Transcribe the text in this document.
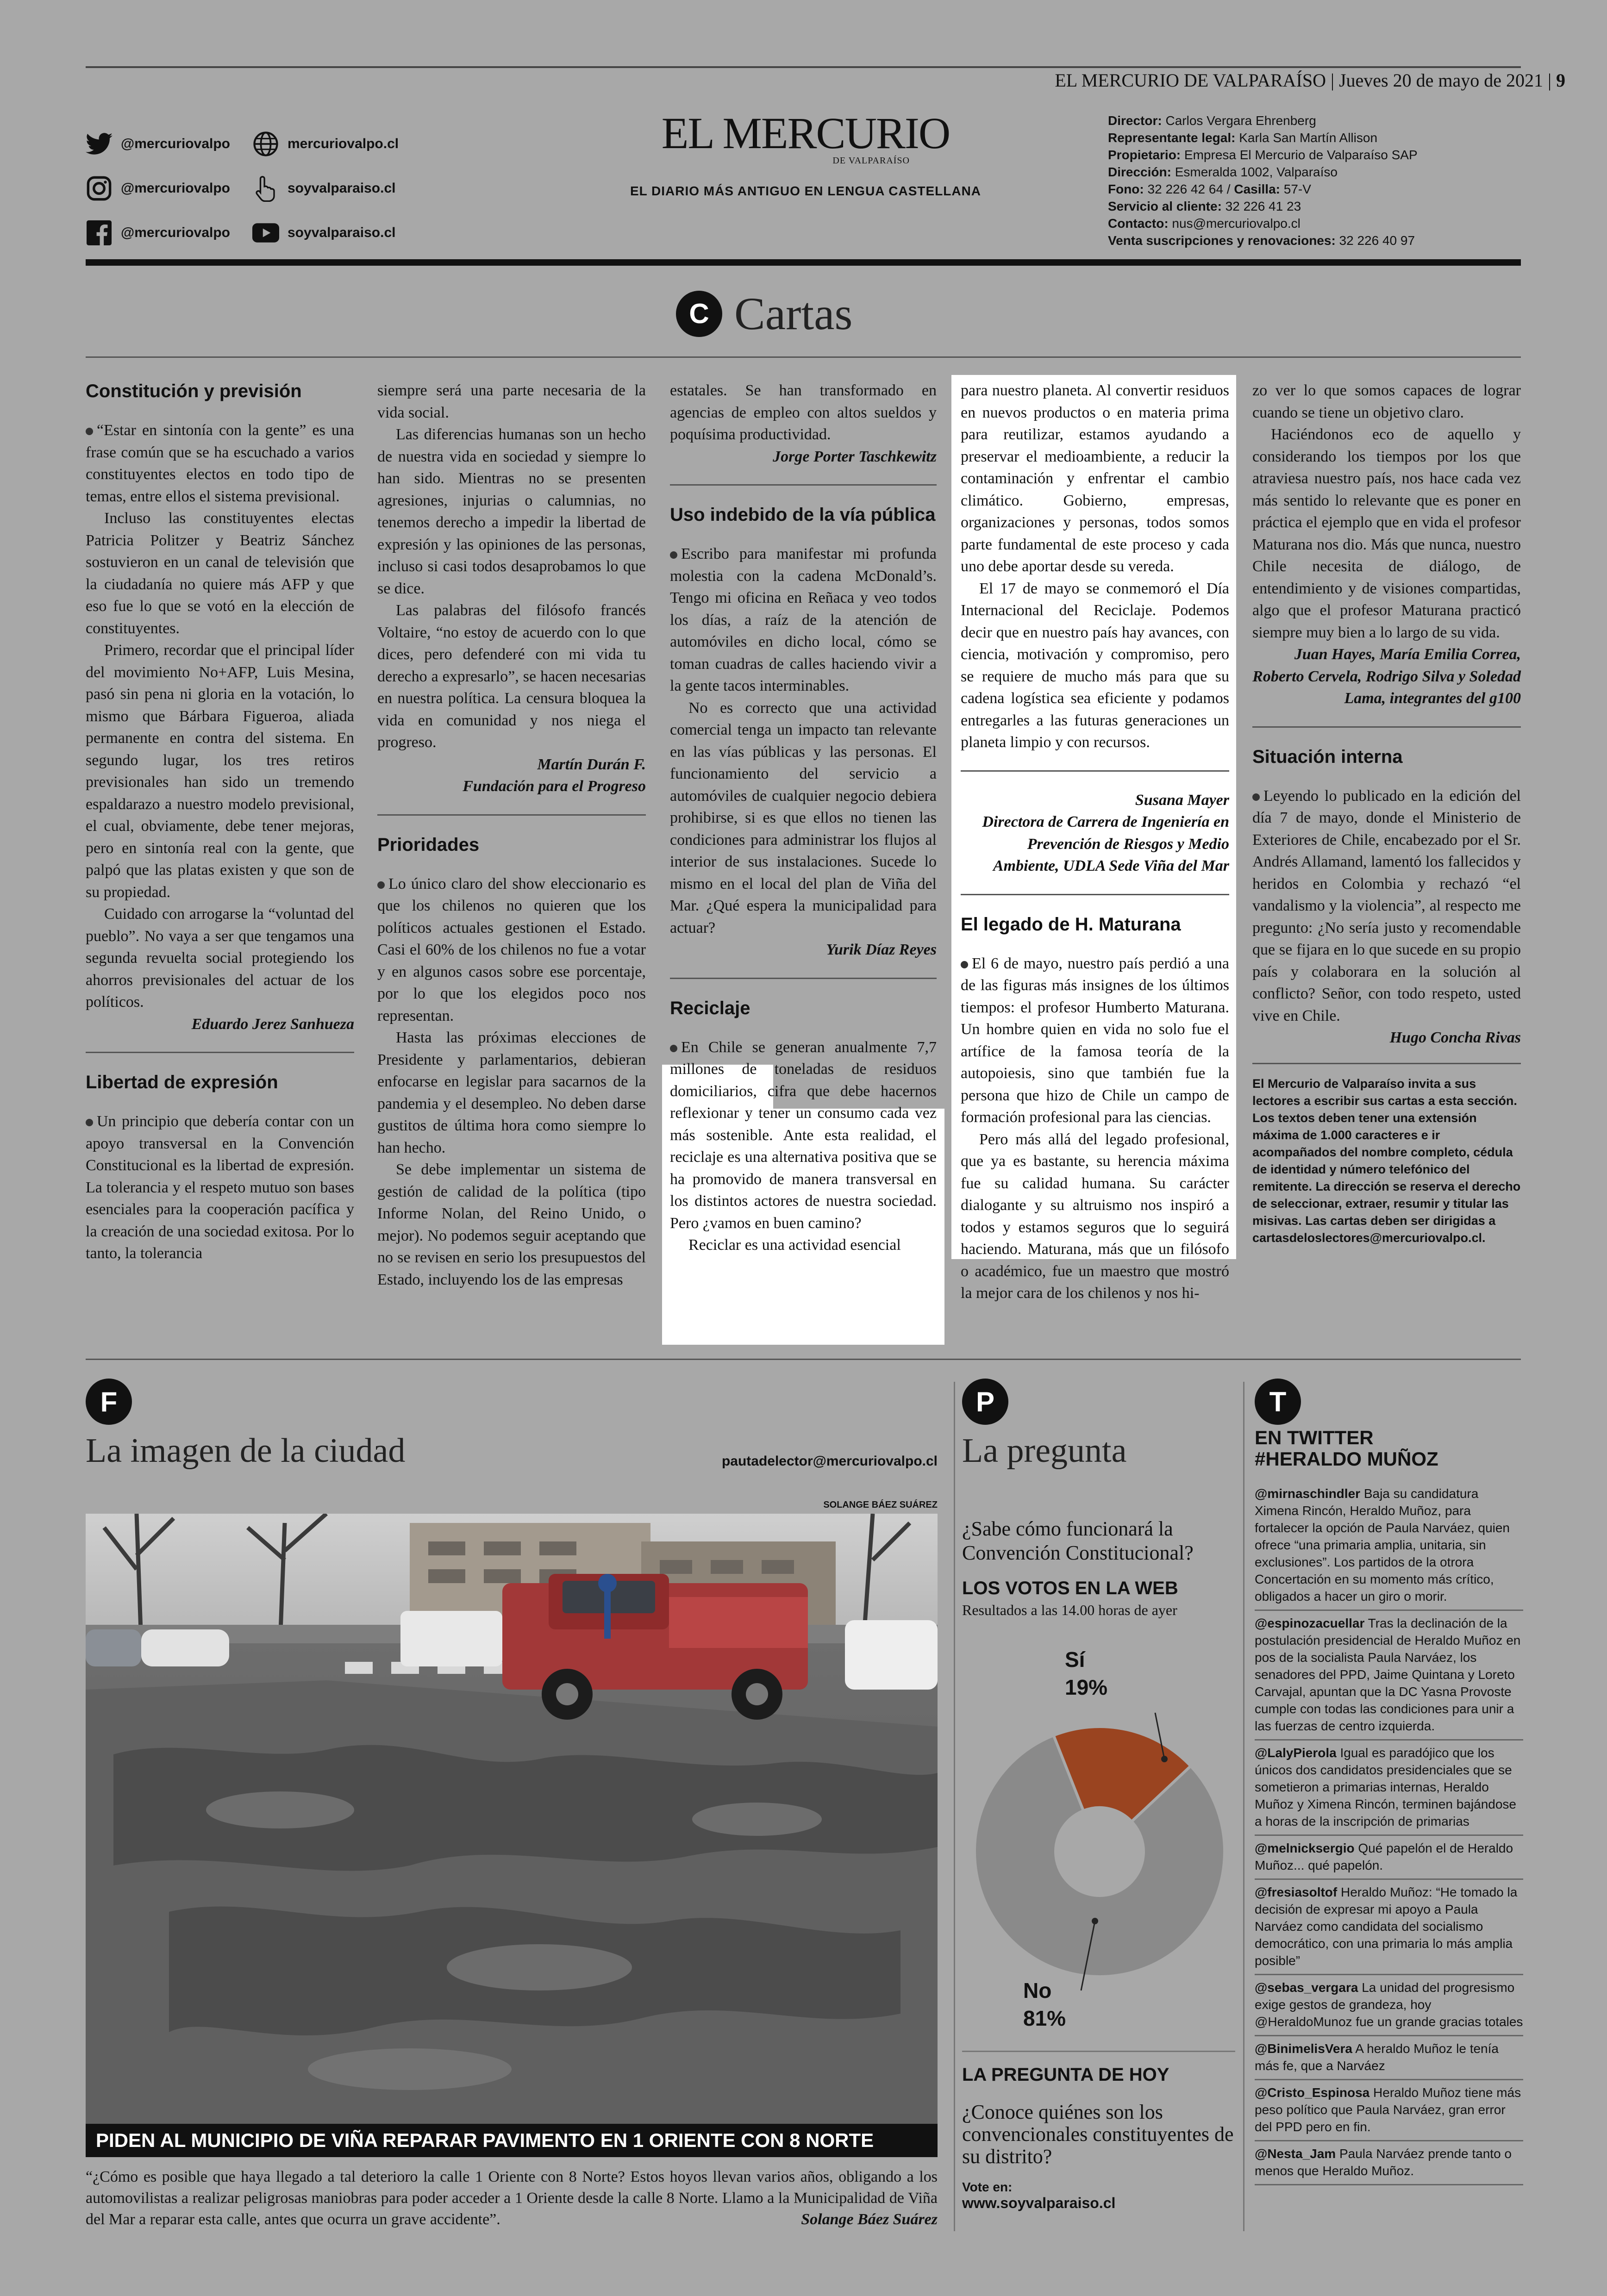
EL MERCURIO DE VALPARAÍSO | Jueves 20 de mayo de 2021 | 9
@mercuriovalpo	mercuriovalpo.cl
@mercuriovalpo	soyvalparaiso.cl
@mercuriovalpo	soyvalparaiso.cl
EL MERCURIO
DE VALPARAÍSO
EL DIARIO MÁS ANTIGUO EN LENGUA CASTELLANA
Director: Carlos Vergara Ehrenberg
Representante legal: Karla San Martín Allison
Propietario: Empresa El Mercurio de Valparaíso SAP
Dirección: Esmeralda 1002, Valparaíso
Fono: 32 226 42 64 / Casilla: 57-V
Servicio al cliente: 32 226 41 23
Contacto: nus@mercuriovalpo.cl
Venta suscripciones y renovaciones: 32 226 40 97
C Cartas
Constitución y previsión

“Estar en sintonía con la gente” es una frase común que se ha escuchado a varios constituyentes electos en todo tipo de temas, entre ellos el sistema previsional.

Incluso las constituyentes electas Patricia Politzer y Beatriz Sánchez sostuvieron en un canal de televisión que la ciudadanía no quiere más AFP y que eso fue lo que se votó en la elección de constituyentes.

Primero, recordar que el principal líder del movimiento No+AFP, Luis Mesina, pasó sin pena ni gloria en la votación, lo mismo que Bárbara Figueroa, aliada permanente en contra del sistema. En segundo lugar, los tres retiros previsionales han sido un tremendo espaldarazo a nuestro modelo previsional, el cual, obviamente, debe tener mejoras, pero en sintonía real con la gente, que palpó que las platas existen y que son de su propiedad.

Cuidado con arrogarse la “voluntad del pueblo”. No vaya a ser que tengamos una segunda revuelta social protegiendo los ahorros previsionales del actuar de los políticos.

Eduardo Jerez Sanhueza

Libertad de expresión

Un principio que debería contar con un apoyo transversal en la Convención Constitucional es la libertad de expresión. La tolerancia y el respeto mutuo son bases esenciales para la cooperación pacífica y la creación de una sociedad exitosa. Por lo tanto, la tolerancia

siempre será una parte necesaria de la vida social.

Las diferencias humanas son un hecho de nuestra vida en sociedad y siempre lo han sido. Mientras no se presenten agresiones, injurias o calumnias, no tenemos derecho a impedir la libertad de expresión y las opiniones de las personas, incluso si casi todos desaprobamos lo que se dice.

Las palabras del filósofo francés Voltaire, “no estoy de acuerdo con lo que dices, pero defenderé con mi vida tu derecho a expresarlo”, se hacen necesarias en nuestra política. La censura bloquea la vida en comunidad y nos niega el progreso.

Martín Durán F.

Fundación para el Progreso

Prioridades

Lo único claro del show eleccionario es que los chilenos no quieren que los políticos actuales gestionen el Estado. Casi el 60% de los chilenos no fue a votar y en algunos casos sobre ese porcentaje, por lo que los elegidos poco nos representan.

Hasta las próximas elecciones de Presidente y parlamentarios, debieran enfocarse en legislar para sacarnos de la pandemia y el desempleo. No deben darse gustitos de última hora como siempre lo han hecho.

Se debe implementar un sistema de gestión de calidad de la política (tipo Informe Nolan, del Reino Unido, o mejor). No podemos seguir aceptando que no se revisen en serio los presupuestos del Estado, incluyendo los de las empresas

estatales. Se han transformado en agencias de empleo con altos sueldos y poquísima productividad.

Jorge Porter Taschkewitz

Uso indebido de la vía pública

Escribo para manifestar mi profunda molestia con la cadena McDonald’s. Tengo mi oficina en Reñaca y veo todos los días, a raíz de la atención de automóviles en dicho local, cómo se toman cuadras de calles haciendo vivir a la gente tacos interminables.

No es correcto que una actividad comercial tenga un impacto tan relevante en las vías públicas y las personas. El funcionamiento del servicio a automóviles de cualquier negocio debiera prohibirse, si es que ellos no tienen las condiciones para administrar los flujos al interior de sus instalaciones. Sucede lo mismo en el local del plan de Viña del Mar. ¿Qué espera la municipalidad para actuar?

Yurik Díaz Reyes

Reciclaje

En Chile se generan anualmente 7,7 millones de toneladas de residuos domiciliarios, cifra que debe hacernos reflexionar y tener un consumo cada vez más sostenible. Ante esta realidad, el reciclaje es una alternativa positiva que se ha promovido de manera transversal en los distintos actores de nuestra sociedad. Pero ¿vamos en buen camino?

Reciclar es una actividad esencial

para nuestro planeta. Al convertir residuos en nuevos productos o en materia prima para reutilizar, estamos ayudando a preservar el medioambiente, a reducir la contaminación y enfrentar el cambio climático. Gobierno, empresas, organizaciones y personas, todos somos parte fundamental de este proceso y cada uno debe aportar desde su vereda.

El 17 de mayo se conmemoró el Día Internacional del Reciclaje. Podemos decir que en nuestro país hay avances, con ciencia, motivación y compromiso, pero se requiere de mucho más para que su cadena logística sea eficiente y podamos entregarles a las futuras generaciones un planeta limpio y con recursos.

Susana Mayer

Directora de Carrera de Ingeniería en Prevención de Riesgos y Medio Ambiente, UDLA Sede Viña del Mar

El legado de H. Maturana

El 6 de mayo, nuestro país perdió a una de las figuras más insignes de los últimos tiempos: el profesor Humberto Maturana. Un hombre quien en vida no solo fue el artífice de la famosa teoría de la autopoiesis, sino que también fue la persona que hizo de Chile un campo de formación profesional para las ciencias.

Pero más allá del legado profesional, que ya es bastante, su herencia máxima fue su calidad humana. Su carácter dialogante y su altruismo nos inspiró a todos y estamos seguros que lo seguirá haciendo. Maturana, más que un filósofo o académico, fue un maestro que mostró la mejor cara de los chilenos y nos hi-

zo ver lo que somos capaces de lograr cuando se tiene un objetivo claro.

Haciéndonos eco de aquello y considerando los tiempos por los que atraviesa nuestro país, nos hace cada vez más sentido lo relevante que es poner en práctica el ejemplo que en vida el profesor Maturana nos dio. Más que nunca, nuestro Chile necesita de diálogo, de entendimiento y de visiones compartidas, algo que el profesor Maturana practicó siempre muy bien a lo largo de su vida.

Juan Hayes, María Emilia Correa, Roberto Cervela, Rodrigo Silva y Soledad Lama, integrantes del g100

Situación interna

Leyendo lo publicado en la edición del día 7 de mayo, donde el Ministerio de Exteriores de Chile, encabezado por el Sr. Andrés Allamand, lamentó los fallecidos y heridos en Colombia y rechazó “el vandalismo y la violencia”, al respecto me pregunto: ¿No sería justo y recomendable que se fijara en lo que sucede en su propio país y colaborara en la solución al conflicto? Señor, con todo respeto, usted vive en Chile.

Hugo Concha Rivas

El Mercurio de Valparaíso invita a sus lectores a escribir sus cartas a esta sección. Los textos deben tener una extensión máxima de 1.000 caracteres e ir acompañados del nombre completo, cédula de identidad y número telefónico del remitente. La dirección se reserva el derecho de seleccionar, extraer, resumir y titular las misivas. Las cartas deben ser dirigidas a cartasdeloslectores@mercuriovalpo.cl.
F
La imagen de la ciudad	pautadelector@mercuriovalpo.cl
SOLANGE BÁEZ SUÁREZ
PIDEN AL MUNICIPIO DE VIÑA REPARAR PAVIMENTO EN 1 ORIENTE CON 8 NORTE
“¿Cómo es posible que haya llegado a tal deterioro la calle 1 Oriente con 8 Norte? Estos hoyos llevan varios años, obligando a los automovilistas a realizar peligrosas maniobras para poder acceder a 1 Oriente desde la calle 8 Norte. Llamo a la Municipalidad de Viña del Mar a reparar esta calle, antes que ocurra un grave accidente”.	Solange Báez Suárez
P
La pregunta
¿Sabe cómo funcionará la Convención Constitucional?
LOS VOTOS EN LA WEB
Resultados a las 14.00 horas de ayer
Sí
19%
No
81%
LA PREGUNTA DE HOY
¿Conoce quiénes son los convencionales constituyentes de su distrito?
Vote en:
www.soyvalparaiso.cl
T
EN TWITTER
#HERALDO MUÑOZ
@mirnaschindler Baja su candidatura Ximena Rincón, Heraldo Muñoz, para fortalecer la opción de Paula Narváez, quien ofrece “una primaria amplia, unitaria, sin exclusiones”. Los partidos de la otrora Concertación en su momento más crítico, obligados a hacer un giro o morir.
@espinozacuellar Tras la declinación de la postulación presidencial de Heraldo Muñoz en pos de la socialista Paula Narváez, los senadores del PPD, Jaime Quintana y Loreto Carvajal, apuntan que la DC Yasna Provoste cumple con todas las condiciones para unir a las fuerzas de centro izquierda.
@LalyPierola Igual es paradójico que los únicos dos candidatos presidenciales que se sometieron a primarias internas, Heraldo Muñoz y Ximena Rincón, terminen bajándose a horas de la inscripción de primarias
@melnicksergio Qué papelón el de Heraldo Muñoz... qué papelón.
@fresiasoltof Heraldo Muñoz: “He tomado la decisión de expresar mi apoyo a Paula Narváez como candidata del socialismo democrático, con una primaria lo más amplia posible”
@sebas_vergara La unidad del progresismo exige gestos de grandeza, hoy @HeraldoMunoz fue un grande gracias totales
@BinimelisVera A heraldo Muñoz le tenía más fe, que a Narváez
@Cristo_Espinosa Heraldo Muñoz tiene más peso político que Paula Narváez, gran error del PPD pero en fin.
@Nesta_Jam Paula Narváez prende tanto o menos que Heraldo Muñoz.
